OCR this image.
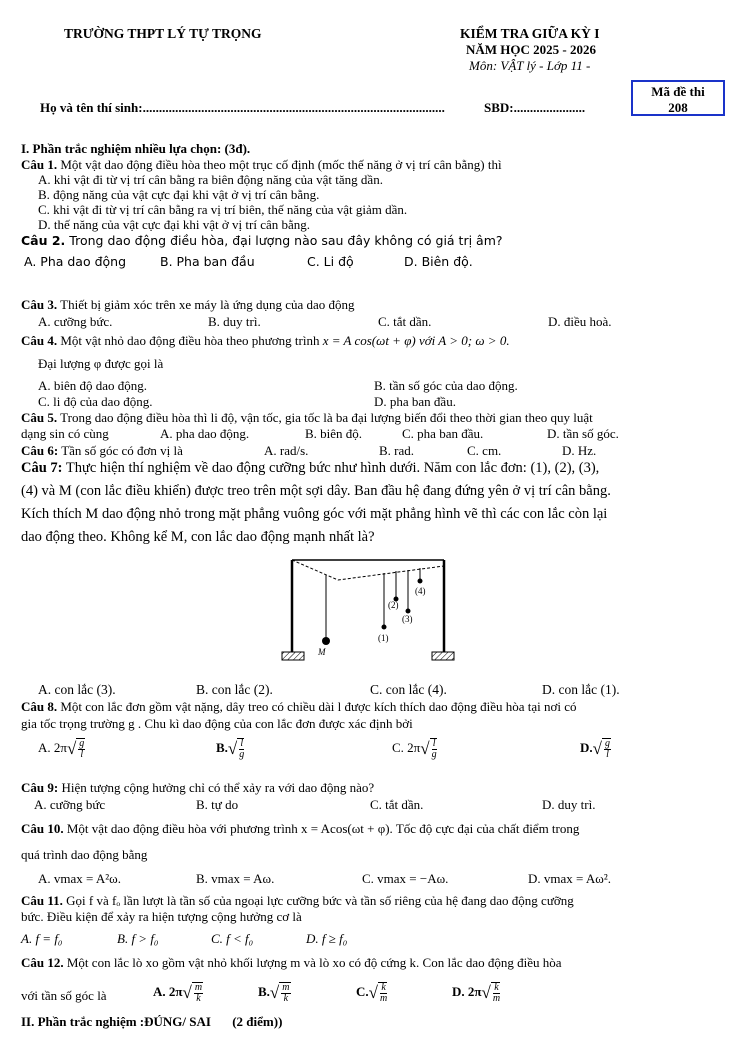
TRƯỜNG THPT LÝ TỰ TRỌNG	KIỂM TRA GIỮA KỲ I
NĂM HỌC 2025 - 2026
Môn: VẬT lý - Lớp 11 -
Mã đề thi
208
Họ và tên thí sinh:.............................................................................................	SBD:......................
I. Phần trắc nghiệm nhiều lựa chọn: (3đ).
Câu 1. Một vật dao động điều hòa theo một trục cố định (mốc thế năng ở vị trí cân bằng) thì
A. khi vật đi từ vị trí cân bằng ra biên động năng của vật tăng dần.
B. động năng của vật cực đại khi vật ở vị trí cân bằng.
C. khi vật đi từ vị trí cân bằng ra vị trí biên, thế năng của vật giảm dần.
D. thế năng của vật cực đại khi vật ở vị trí cân bằng.
Câu 2. Trong dao động điều hòa, đại lượng nào sau đây không có giá trị âm?
A. Pha dao động	B. Pha ban đầu	C. Li độ	D. Biên độ.
Câu 3. Thiết bị giảm xóc trên xe máy là ứng dụng của dao động
A. cưỡng bức.	B. duy trì.	C. tắt dần.	D. điều hoà.
Câu 4. Một vật nhỏ dao động điều hòa theo phương trình x = A cos(ωt + φ) với A > 0; ω > 0.
Đại lượng φ được gọi là
A. biên độ dao động.	B. tần số góc của dao động.
C. li độ của dao động.	D. pha ban đầu.
Câu 5. Trong dao động điều hòa thì li độ, vận tốc, gia tốc là ba đại lượng biến đổi theo thời gian theo quy luật
dạng sin có cùng	A. pha dao động.	B. biên độ.	C. pha ban đầu.	D. tần số góc.
Câu 6: Tần số góc có đơn vị là	A. rad/s.	B. rad.	C. cm.	D. Hz.
Câu 7: Thực hiện thí nghiệm về dao động cưỡng bức như hình dưới. Năm con lắc đơn: (1), (2), (3),
(4) và M (con lắc điều khiển) được treo trên một sợi dây. Ban đầu hệ đang đứng yên ở vị trí cân bằng.
Kích thích M dao động nhỏ trong mặt phẳng vuông góc với mặt phẳng hình vẽ thì các con lắc còn lại
dao động theo. Không kể M, con lắc dao động mạnh nhất là?
(1)
(2)
(3)
(4)
M
A. con lắc (3).	B. con lắc (2).	C. con lắc (4).	D. con lắc (1).
Câu 8. Một con lắc đơn gồm vật nặng, dây treo có chiều dài l được kích thích dao động điều hòa tại nơi có
gia tốc trọng trường g . Chu kì dao động của con lắc đơn được xác định bởi
A. $2\pi√ \frac{g}{l}$	$B.√ \frac{l}{g}$	C. $2\pi√ \frac{l}{g}$	$D.√ \frac{g}{l}$
Câu 9: Hiện tượng cộng hưởng chỉ có thể xảy ra với dao động nào?
A. cưỡng bức	B. tự do	C. tắt dần.	D. duy trì.
Câu 10. Một vật dao động điều hòa với phương trình x = Acos(ωt + φ). Tốc độ cực đại của chất điểm trong
quá trình dao động bằng
A. vmax = A²ω.	B. vmax = Aω.	C. vmax = −Aω.	D. vmax = Aω².
Câu 11. Gọi f và fₒ lần lượt là tần số của ngoại lực cưỡng bức và tần số riêng của hệ đang dao động cưỡng
bức. Điều kiện để xảy ra hiện tượng cộng hưởng cơ là
A. f = f₀	B. f > f₀	C. f < f₀	D. f ≥ f₀
Câu 12. Một con lắc lò xo gồm vật nhỏ khối lượng m và lò xo có độ cứng k. Con lắc dao động điều hòa
với tần số góc là	A. $2\pi√ \frac{m}{k}$	$B.√ \frac{m}{k}$	$C.√ \frac{k}{m}$	D. $2\pi√ \frac{k}{m}$
II. Phần trắc nghiệm :ĐÚNG/ SAI (2 điểm))
